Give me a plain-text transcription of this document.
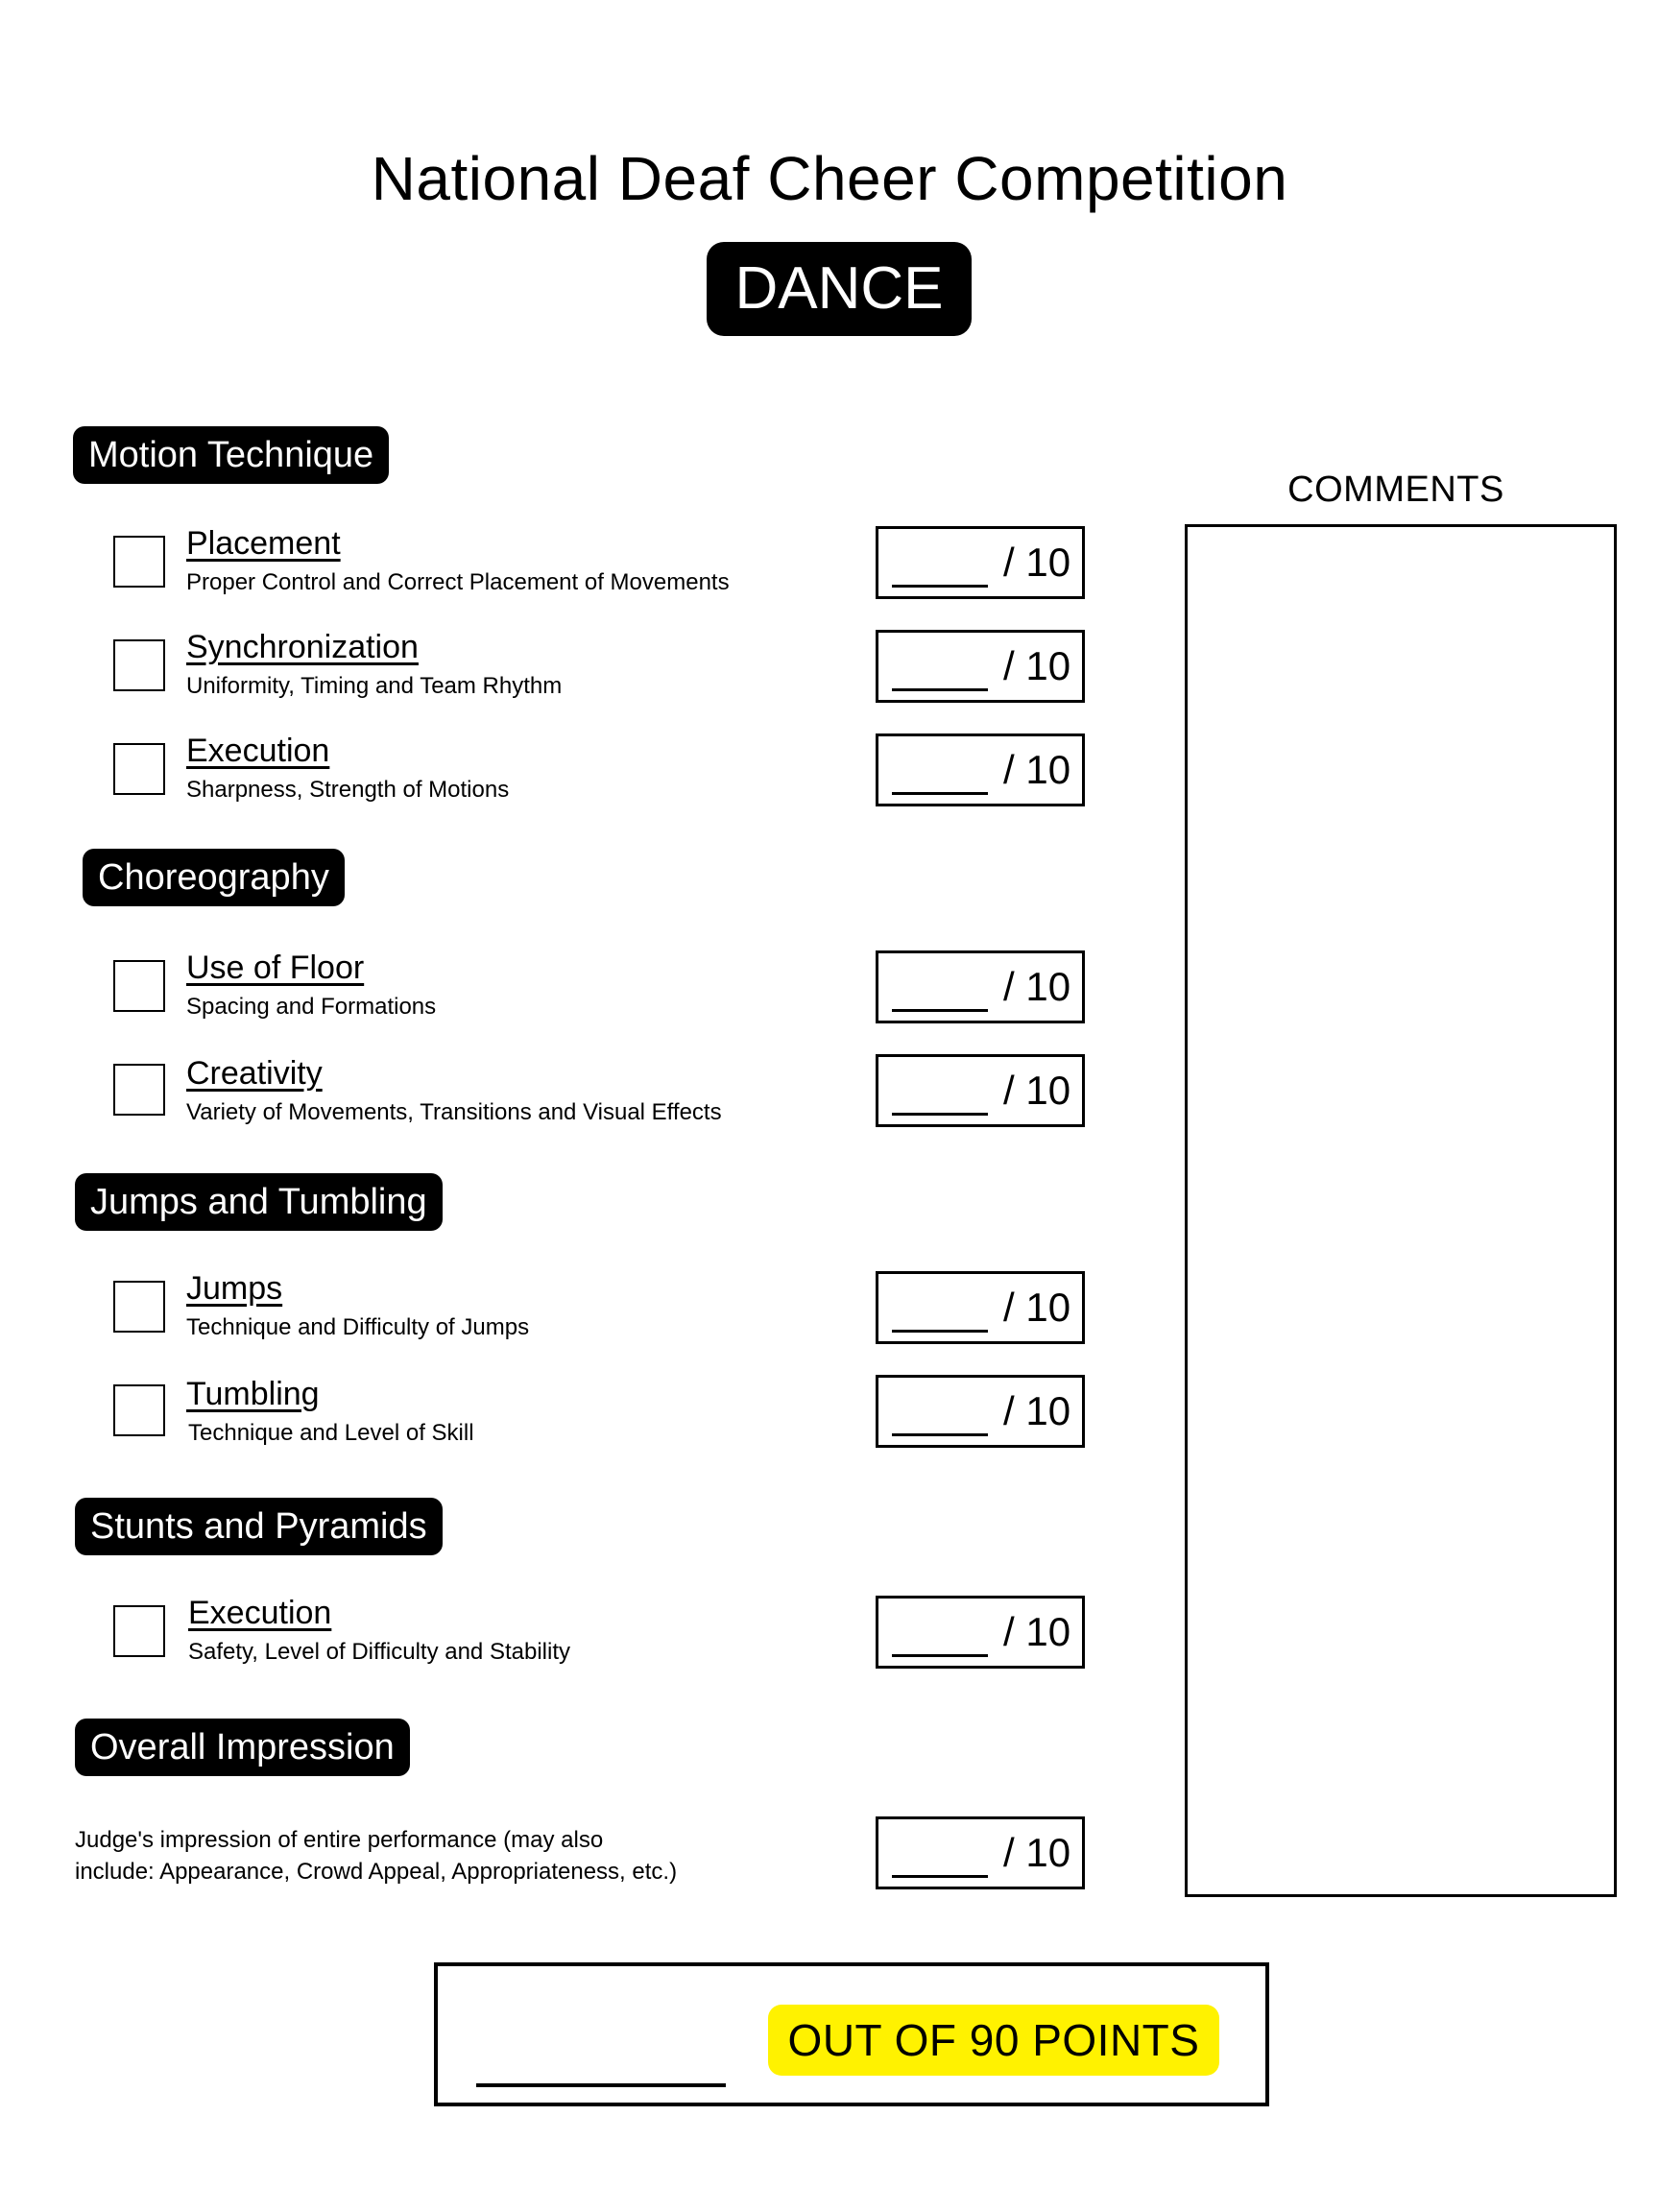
National Deaf Cheer Competition
DANCE
COMMENTS
Motion Technique
Placement
Proper Control and Correct Placement of Movements	/ 10
Synchronization
Uniformity, Timing and Team Rhythm	/ 10
Execution
Sharpness, Strength of Motions	/ 10
Choreography
Use of Floor
Spacing and Formations	/ 10
Creativity
Variety of Movements, Transitions and Visual Effects	/ 10
Jumps and Tumbling
Jumps
Technique and Difficulty of Jumps	/ 10
Tumbling
Technique and Level of Skill	/ 10
Stunts and Pyramids
Execution
Safety, Level of Difficulty and Stability	/ 10
Overall Impression
Judge's impression of entire performance (may also
include: Appearance, Crowd Appeal, Appropriateness, etc.)	/ 10
OUT OF 90 POINTS
